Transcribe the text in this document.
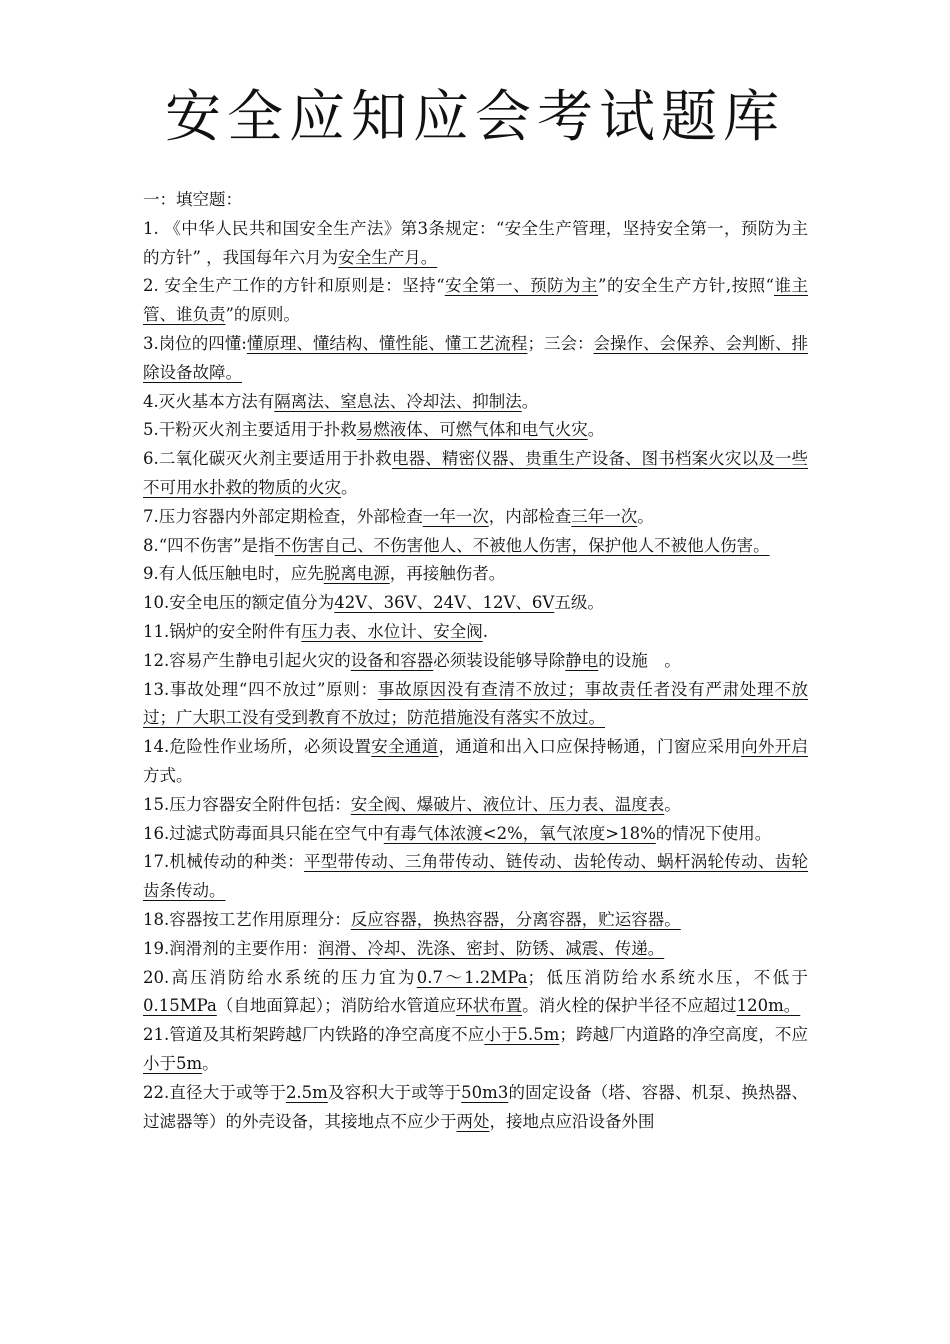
安全应知应会考试题库

一：填空题：

1. 《中华人民共和国安全生产法》第3条规定：“安全生产管理，坚持安全第一，预防为主的方针” ，我国每年六月为安全生产月。

2. 安全生产工作的方针和原则是：坚持“安全第一、预防为主”的安全生产方针,按照“谁主管、谁负责”的原则。

3.岗位的四懂:懂原理、懂结构、懂性能、懂工艺流程；三会：会操作、会保养、会判断、排除设备故障。

4.灭火基本方法有隔离法、窒息法、冷却法、抑制法。

5.干粉灭火剂主要适用于扑救易燃液体、可燃气体和电气火灾。

6.二氧化碳灭火剂主要适用于扑救电器、精密仪器、贵重生产设备、图书档案火灾以及一些不可用水扑救的物质的火灾。

7.压力容器内外部定期检查，外部检查一年一次，内部检查三年一次。

8.“四不伤害”是指不伤害自己、不伤害他人、不被他人伤害，保护他人不被他人伤害。

9.有人低压触电时，应先脱离电源，再接触伤者。

10.安全电压的额定值分为42V、36V、24V、12V、6V五级。

11.锅炉的安全附件有压力表、水位计、安全阀.

12.容易产生静电引起火灾的设备和容器必须装设能够导除静电的设施　。

13.事故处理“四不放过”原则：事故原因没有查清不放过；事故责任者没有严肃处理不放过；广大职工没有受到教育不放过；防范措施没有落实不放过。

14.危险性作业场所，必须设置安全通道，通道和出入口应保持畅通，门窗应采用向外开启方式。

15.压力容器安全附件包括：安全阀、爆破片、液位计、压力表、温度表。

16.过滤式防毒面具只能在空气中有毒气体浓渡<2%，氧气浓度>18%的情况下使用。

17.机械传动的种类：平型带传动、三角带传动、链传动、齿轮传动、蜗杆涡轮传动、齿轮齿条传动。

18.容器按工艺作用原理分：反应容器，换热容器，分离容器，贮运容器。

19.润滑剂的主要作用：润滑、冷却、洗涤、密封、防锈、减震、传递。

20.高压消防给水系统的压力宜为0.7～1.2MPa；低压消防给水系统水压，不低于0.15MPa（自地面算起）；消防给水管道应环状布置。消火栓的保护半径不应超过120m。

21.管道及其桁架跨越厂内铁路的净空高度不应小于5.5m；跨越厂内道路的净空高度，不应小于5m。

22.直径大于或等于2.5m及容积大于或等于50m3的固定设备（塔、容器、机泵、换热器、过滤器等）的外壳设备，其接地点不应少于两处，接地点应沿设备外围
